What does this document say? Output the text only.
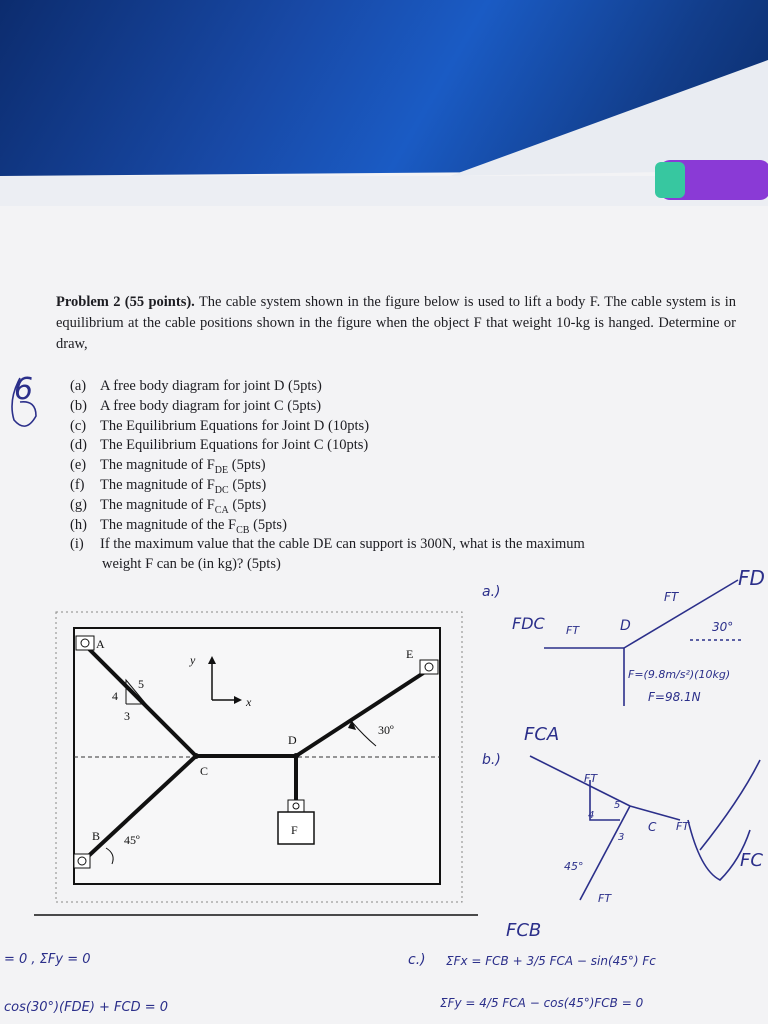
Problem 2 (55 points). The cable system shown in the figure below is used to lift a body F. The cable system is in equilibrium at the cable positions shown in the figure when the object F that weight 10-kg is hanged. Determine or draw,
(a) A free body diagram for joint D (5pts)
(b) A free body diagram for joint C (5pts)
(c) The Equilibrium Equations for Joint D (10pts)
(d) The Equilibrium Equations for Joint C (10pts)
(e) The magnitude of $F_{DE}$ (5pts)
(f) The magnitude of $F_{DC}$ (5pts)
(g) The magnitude of $F_{CA}$ (5pts)
(h) The magnitude of the $F_{CB}$ (5pts)
(i) If the maximum value that the cable DE can support is 300N, what is the maximum
weight F can be (in kg)? (5pts)
A
E
C
D
F
B 45º
30º
y
x
4
5
3
6
a.)
FDC
FT
D	30°
FT
F=(9.8m/s²)(10kg)
F=98.1N
FD
b.)
FCA
FT
5
4
3
C FT
45°
FT
FC
FCB
= 0 , ΣFy = 0
cos(30°)(FDE) + FCD = 0
c.) ΣFx = FCB + 3/5 FCA − sin(45°) Fc
ΣFy = 4/5 FCA − cos(45°)FCB = 0
